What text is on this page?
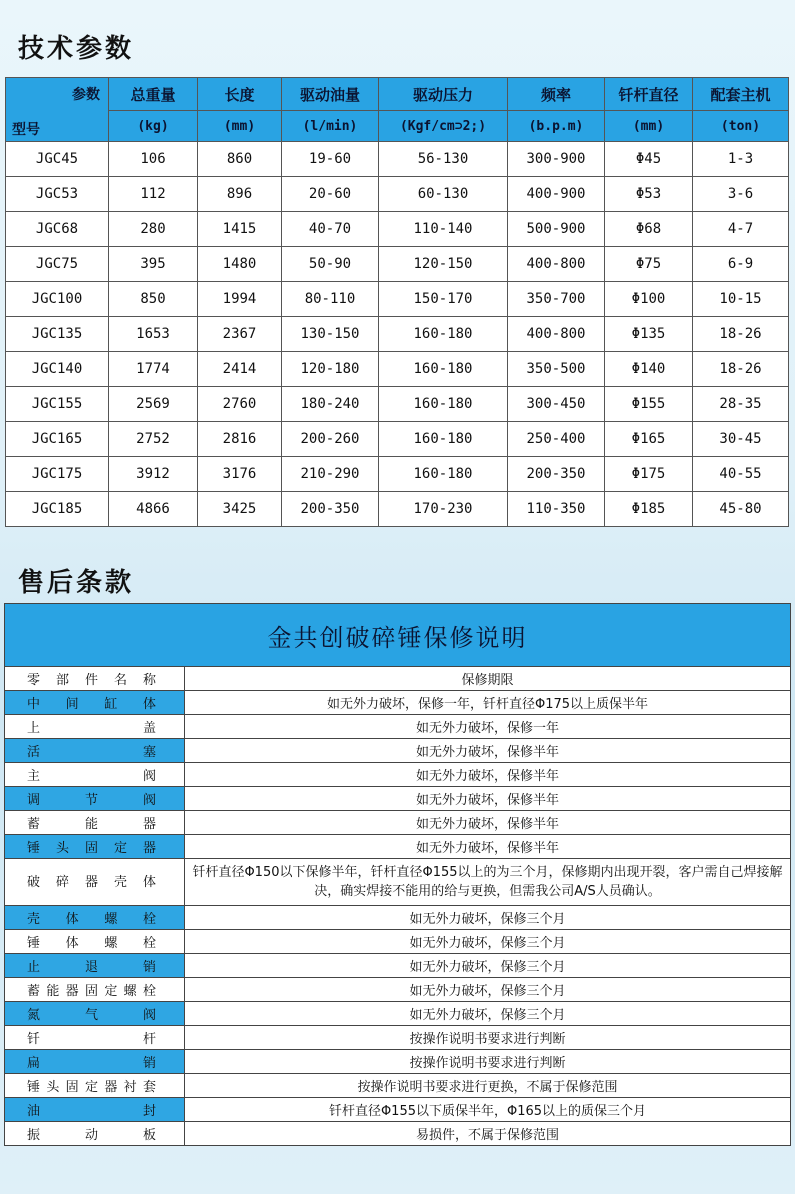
技术参数
参数
型号	总重量	长度	驱动油量	驱动压力	频率	钎杆直径	配套主机
	(kg)	(mm)	(l/min)	(Kgf/cm⊃2;)	(b.p.m)	(mm)	(ton)
JGC45	106	860	19-60	56-130	300-900	Φ45	1-3
JGC53	112	896	20-60	60-130	400-900	Φ53	3-6
JGC68	280	1415	40-70	110-140	500-900	Φ68	4-7
JGC75	395	1480	50-90	120-150	400-800	Φ75	6-9
JGC100	850	1994	80-110	150-170	350-700	Φ100	10-15
JGC135	1653	2367	130-150	160-180	400-800	Φ135	18-26
JGC140	1774	2414	120-180	160-180	350-500	Φ140	18-26
JGC155	2569	2760	180-240	160-180	300-450	Φ155	28-35
JGC165	2752	2816	200-260	160-180	250-400	Φ165	30-45
JGC175	3912	3176	210-290	160-180	200-350	Φ175	40-55
JGC185	4866	3425	200-350	170-230	110-350	Φ185	45-80
售后条款
金共创破碎锤保修说明	
零部件名称	保修期限
中间缸体	如无外力破坏，保修一年，钎杆直径Φ175以上质保半年
上盖	如无外力破坏，保修一年
活塞	如无外力破坏，保修半年
主阀	如无外力破坏，保修半年
调节阀	如无外力破坏，保修半年
蓄能器	如无外力破坏，保修半年
锤头固定器	如无外力破坏，保修半年
破碎器壳体	钎杆直径Φ150以下保修半年，钎杆直径Φ155以上的为三个月，保修期内出现开裂，客户需自己焊接解决，确实焊接不能用的给与更换，但需我公司A/S人员确认。
壳体螺栓	如无外力破坏，保修三个月
锤体螺栓	如无外力破坏，保修三个月
止退销	如无外力破坏，保修三个月
蓄能器固定螺栓	如无外力破坏，保修三个月
氮气阀	如无外力破坏，保修三个月
钎杆	按操作说明书要求进行判断
扁销	按操作说明书要求进行判断
锤头固定器衬套	按操作说明书要求进行更换，不属于保修范围
油封	钎杆直径Φ155以下质保半年，Φ165以上的质保三个月
振动板	易损件，不属于保修范围
